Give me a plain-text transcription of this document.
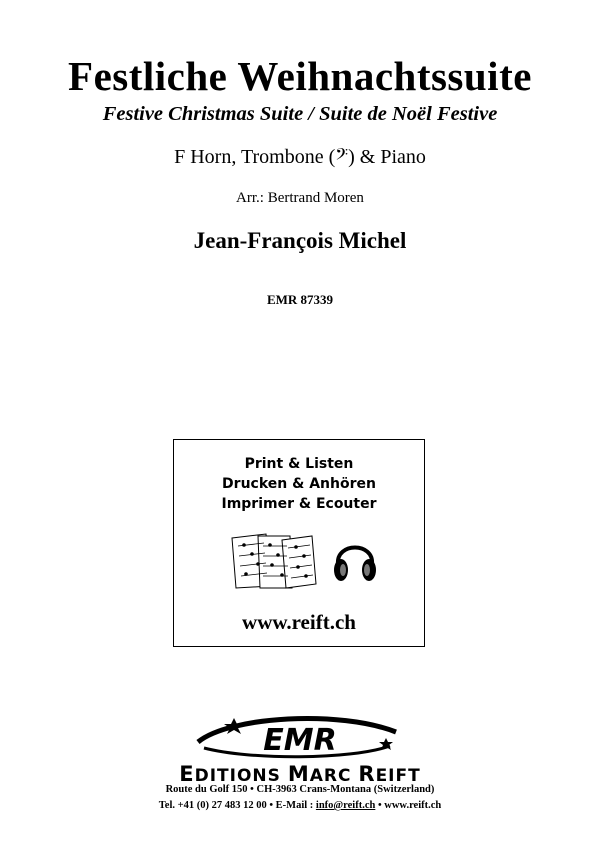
Festliche Weihnachtssuite
Festive Christmas Suite / Suite de Noël Festive
F Horn, Trombone (𝄢) & Piano
Arr.: Bertrand Moren
Jean-François Michel
EMR 87339
Print & Listen
Drucken & Anhören
Imprimer & Ecouter
www.reift.ch
EMR
EDITIONS MARC REIFT
Route du Golf 150 • CH-3963 Crans-Montana (Switzerland)
Tel. +41 (0) 27 483 12 00 • E-Mail : info@reift.ch • www.reift.ch
